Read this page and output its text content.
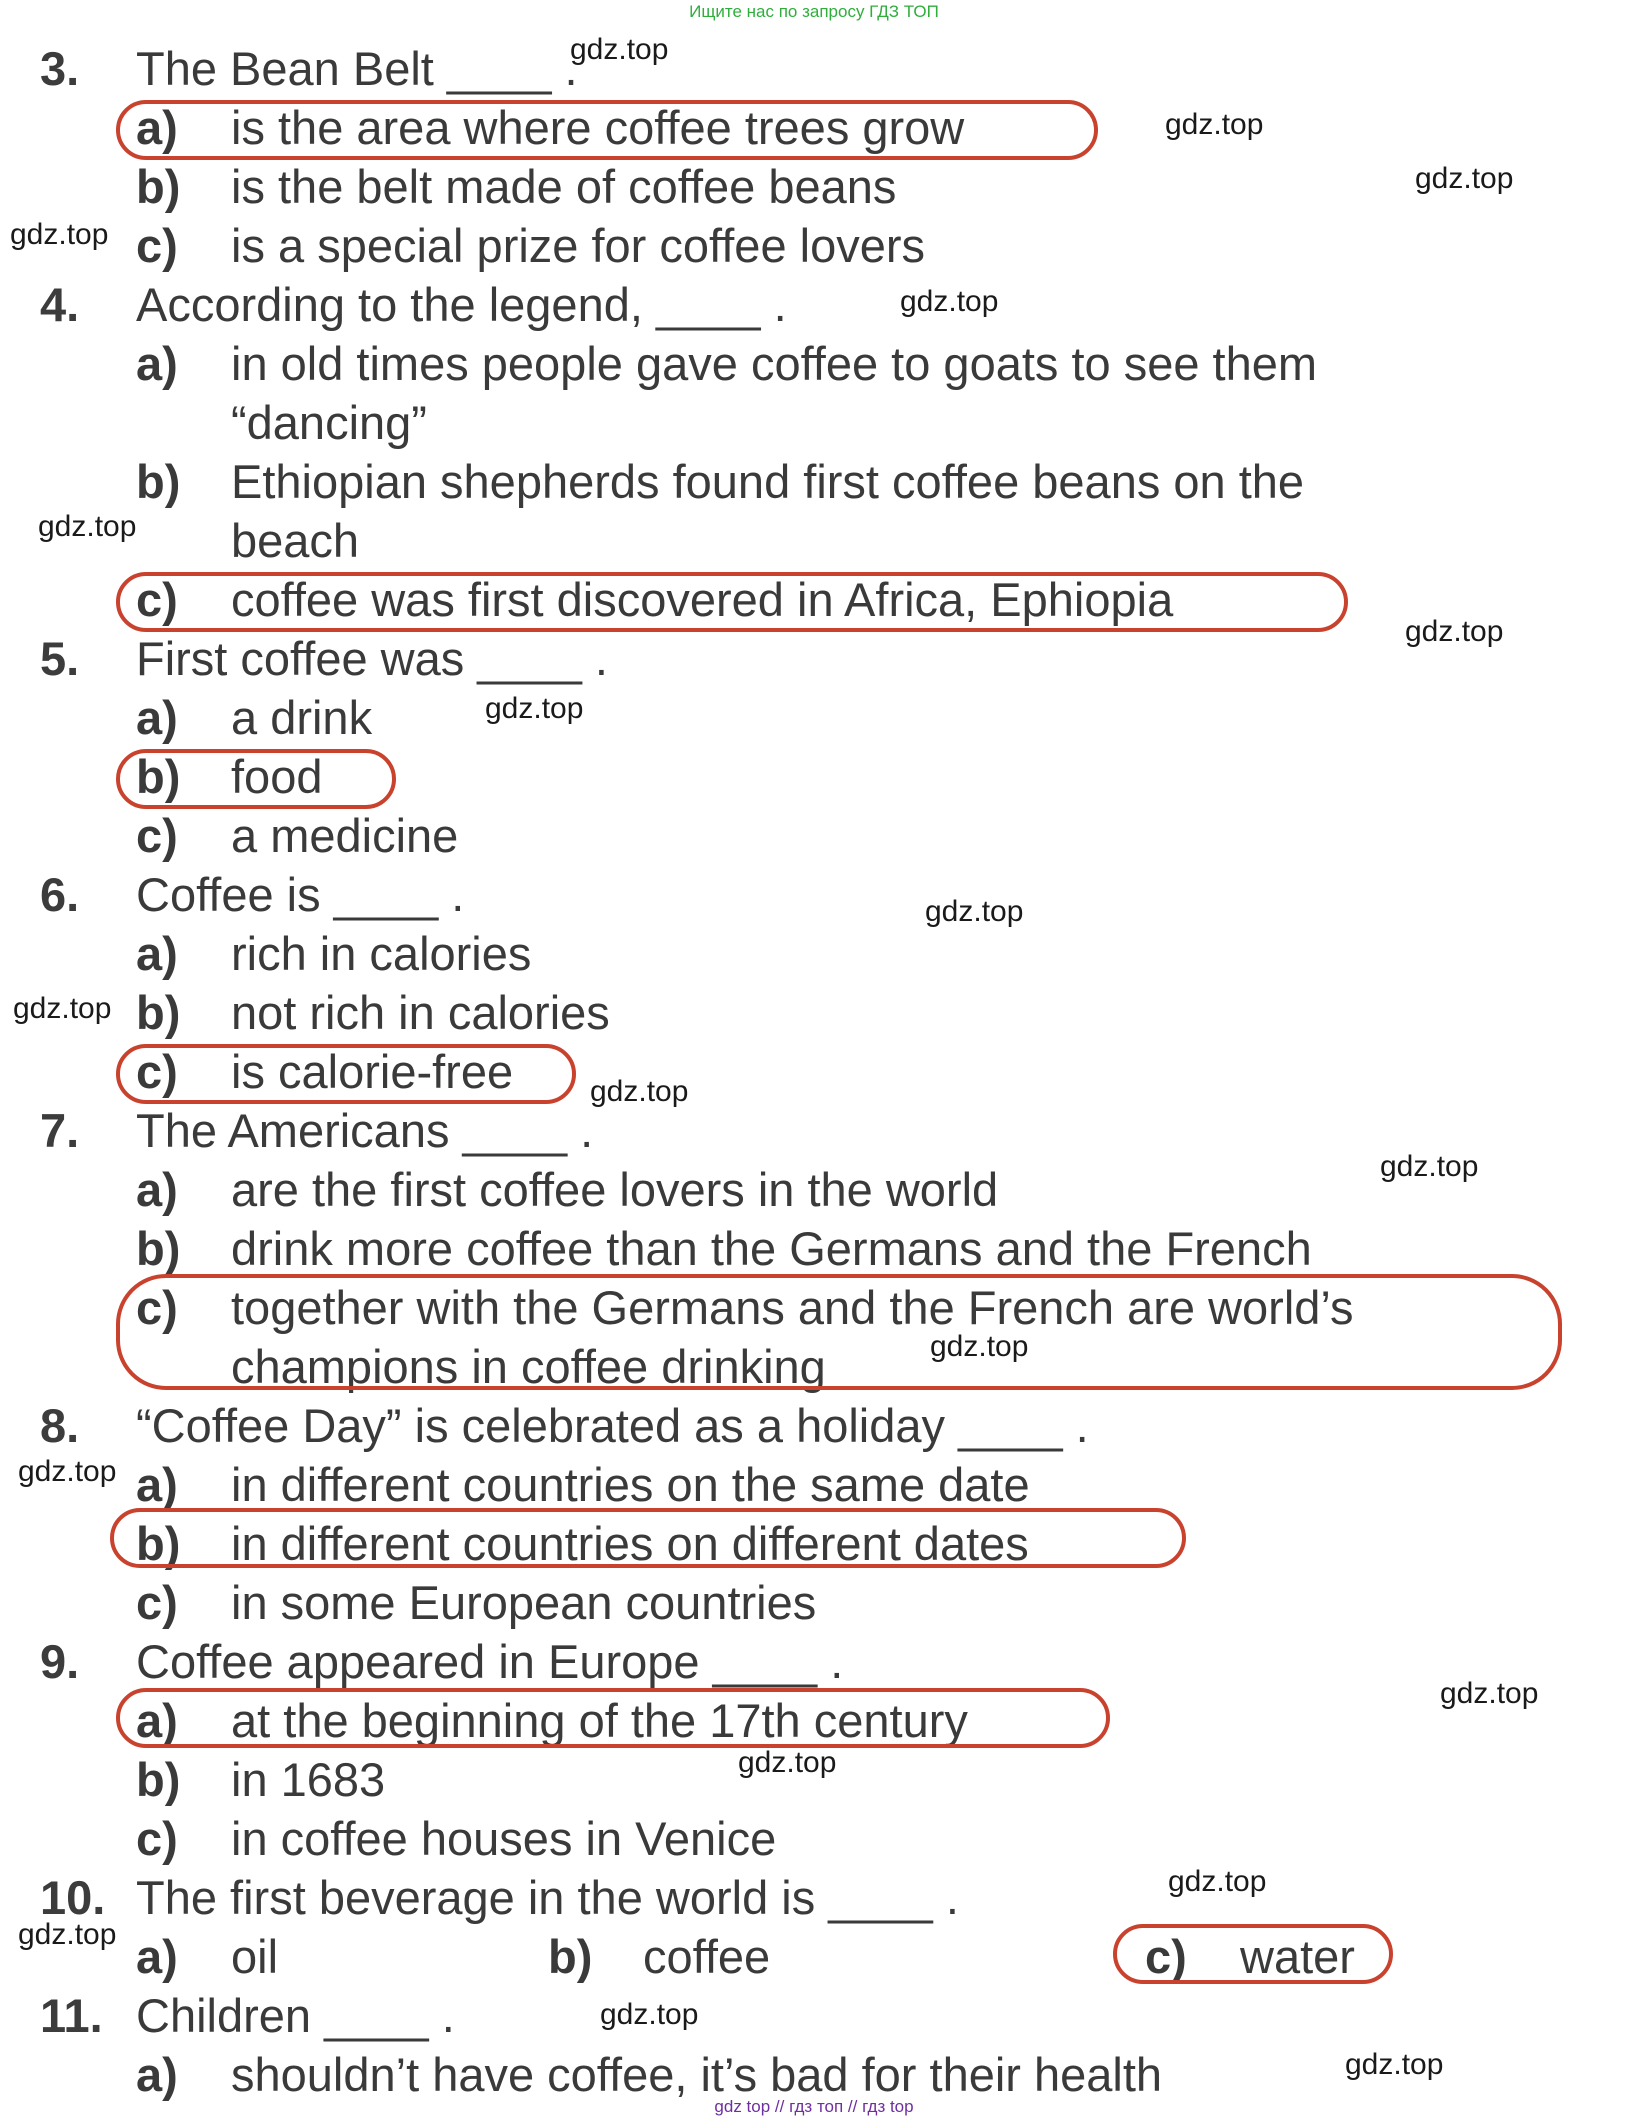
Ищите нас по запросу ГДЗ ТОП
3. The Bean Belt ____ .
a) is the area where coffee trees grow
b) is the belt made of coffee beans
c) is a special prize for coffee lovers
4. According to the legend, ____ .
a) in old times people gave coffee to goats to see them
“dancing”
b) Ethiopian shepherds found first coffee beans on the
beach
c) coffee was first discovered in Africa, Ephiopia
5. First coffee was ____ .
a) a drink
b) food
c) a medicine
6. Coffee is ____ .
a) rich in calories
b) not rich in calories
c) is calorie-free
7. The Americans ____ .
a) are the first coffee lovers in the world
b) drink more coffee than the Germans and the French
c) together with the Germans and the French are world’s
champions in coffee drinking
8. “Coffee Day” is celebrated as a holiday ____ .
a) in different countries on the same date
b) in different countries on different dates
c) in some European countries
9. Coffee appeared in Europe ____ .
a) at the beginning of the 17th century
b) in 1683
c) in coffee houses in Venice
10. The first beverage in the world is ____ .
a) oil	b) coffee	c) water
11. Children ____ .
a) shouldn’t have coffee, it’s bad for their health
gdz.top
gdz.top
gdz.top
gdz.top
gdz.top
gdz.top
gdz.top
gdz.top
gdz.top
gdz.top
gdz.top
gdz.top
gdz.top
gdz.top
gdz.top
gdz.top
gdz.top
gdz.top
gdz.top
gdz.top
gdz top // гдз топ // гдз top
